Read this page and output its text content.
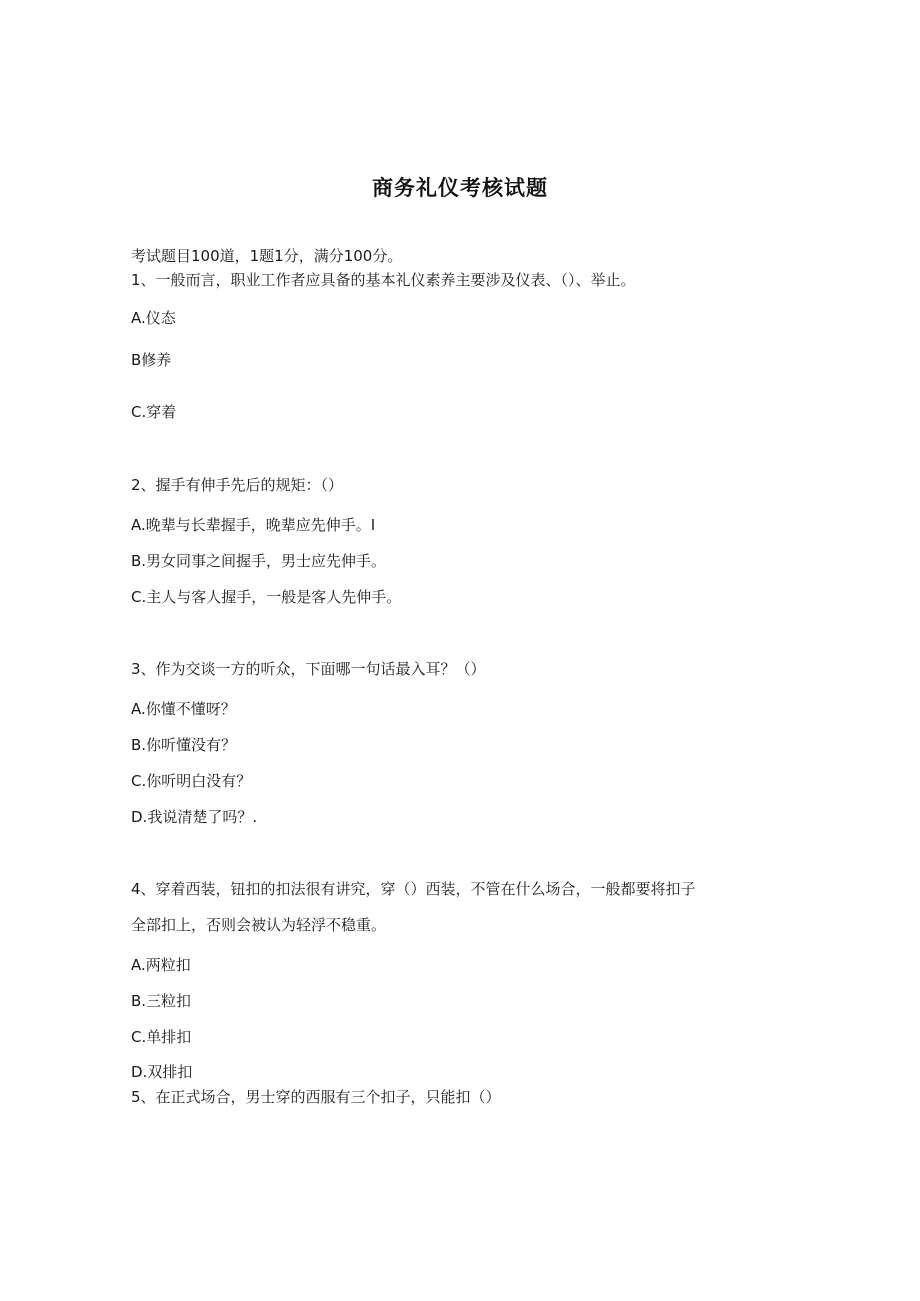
商务礼仪考核试题
考试题目100道，1题1分，满分100分。
1、一般而言，职业工作者应具备的基本礼仪素养主要涉及仪表、（）、举止。
A.仪态
B修养
C.穿着
2、握手有伸手先后的规矩：（）
A.晚辈与长辈握手，晚辈应先伸手。I
B.男女同事之间握手，男士应先伸手。
C.主人与客人握手，一般是客人先伸手。
3、作为交谈一方的听众，下面哪一句话最入耳？（）
A.你懂不懂呀？
B.你听懂没有？
C.你听明白没有？
D.我说清楚了吗？.
4、穿着西装，钮扣的扣法很有讲究，穿（）西装，不管在什么场合，一般都要将扣子
全部扣上，否则会被认为轻浮不稳重。
A.两粒扣
B.三粒扣
C.单排扣
D.双排扣
5、在正式场合，男士穿的西服有三个扣子，只能扣（）
